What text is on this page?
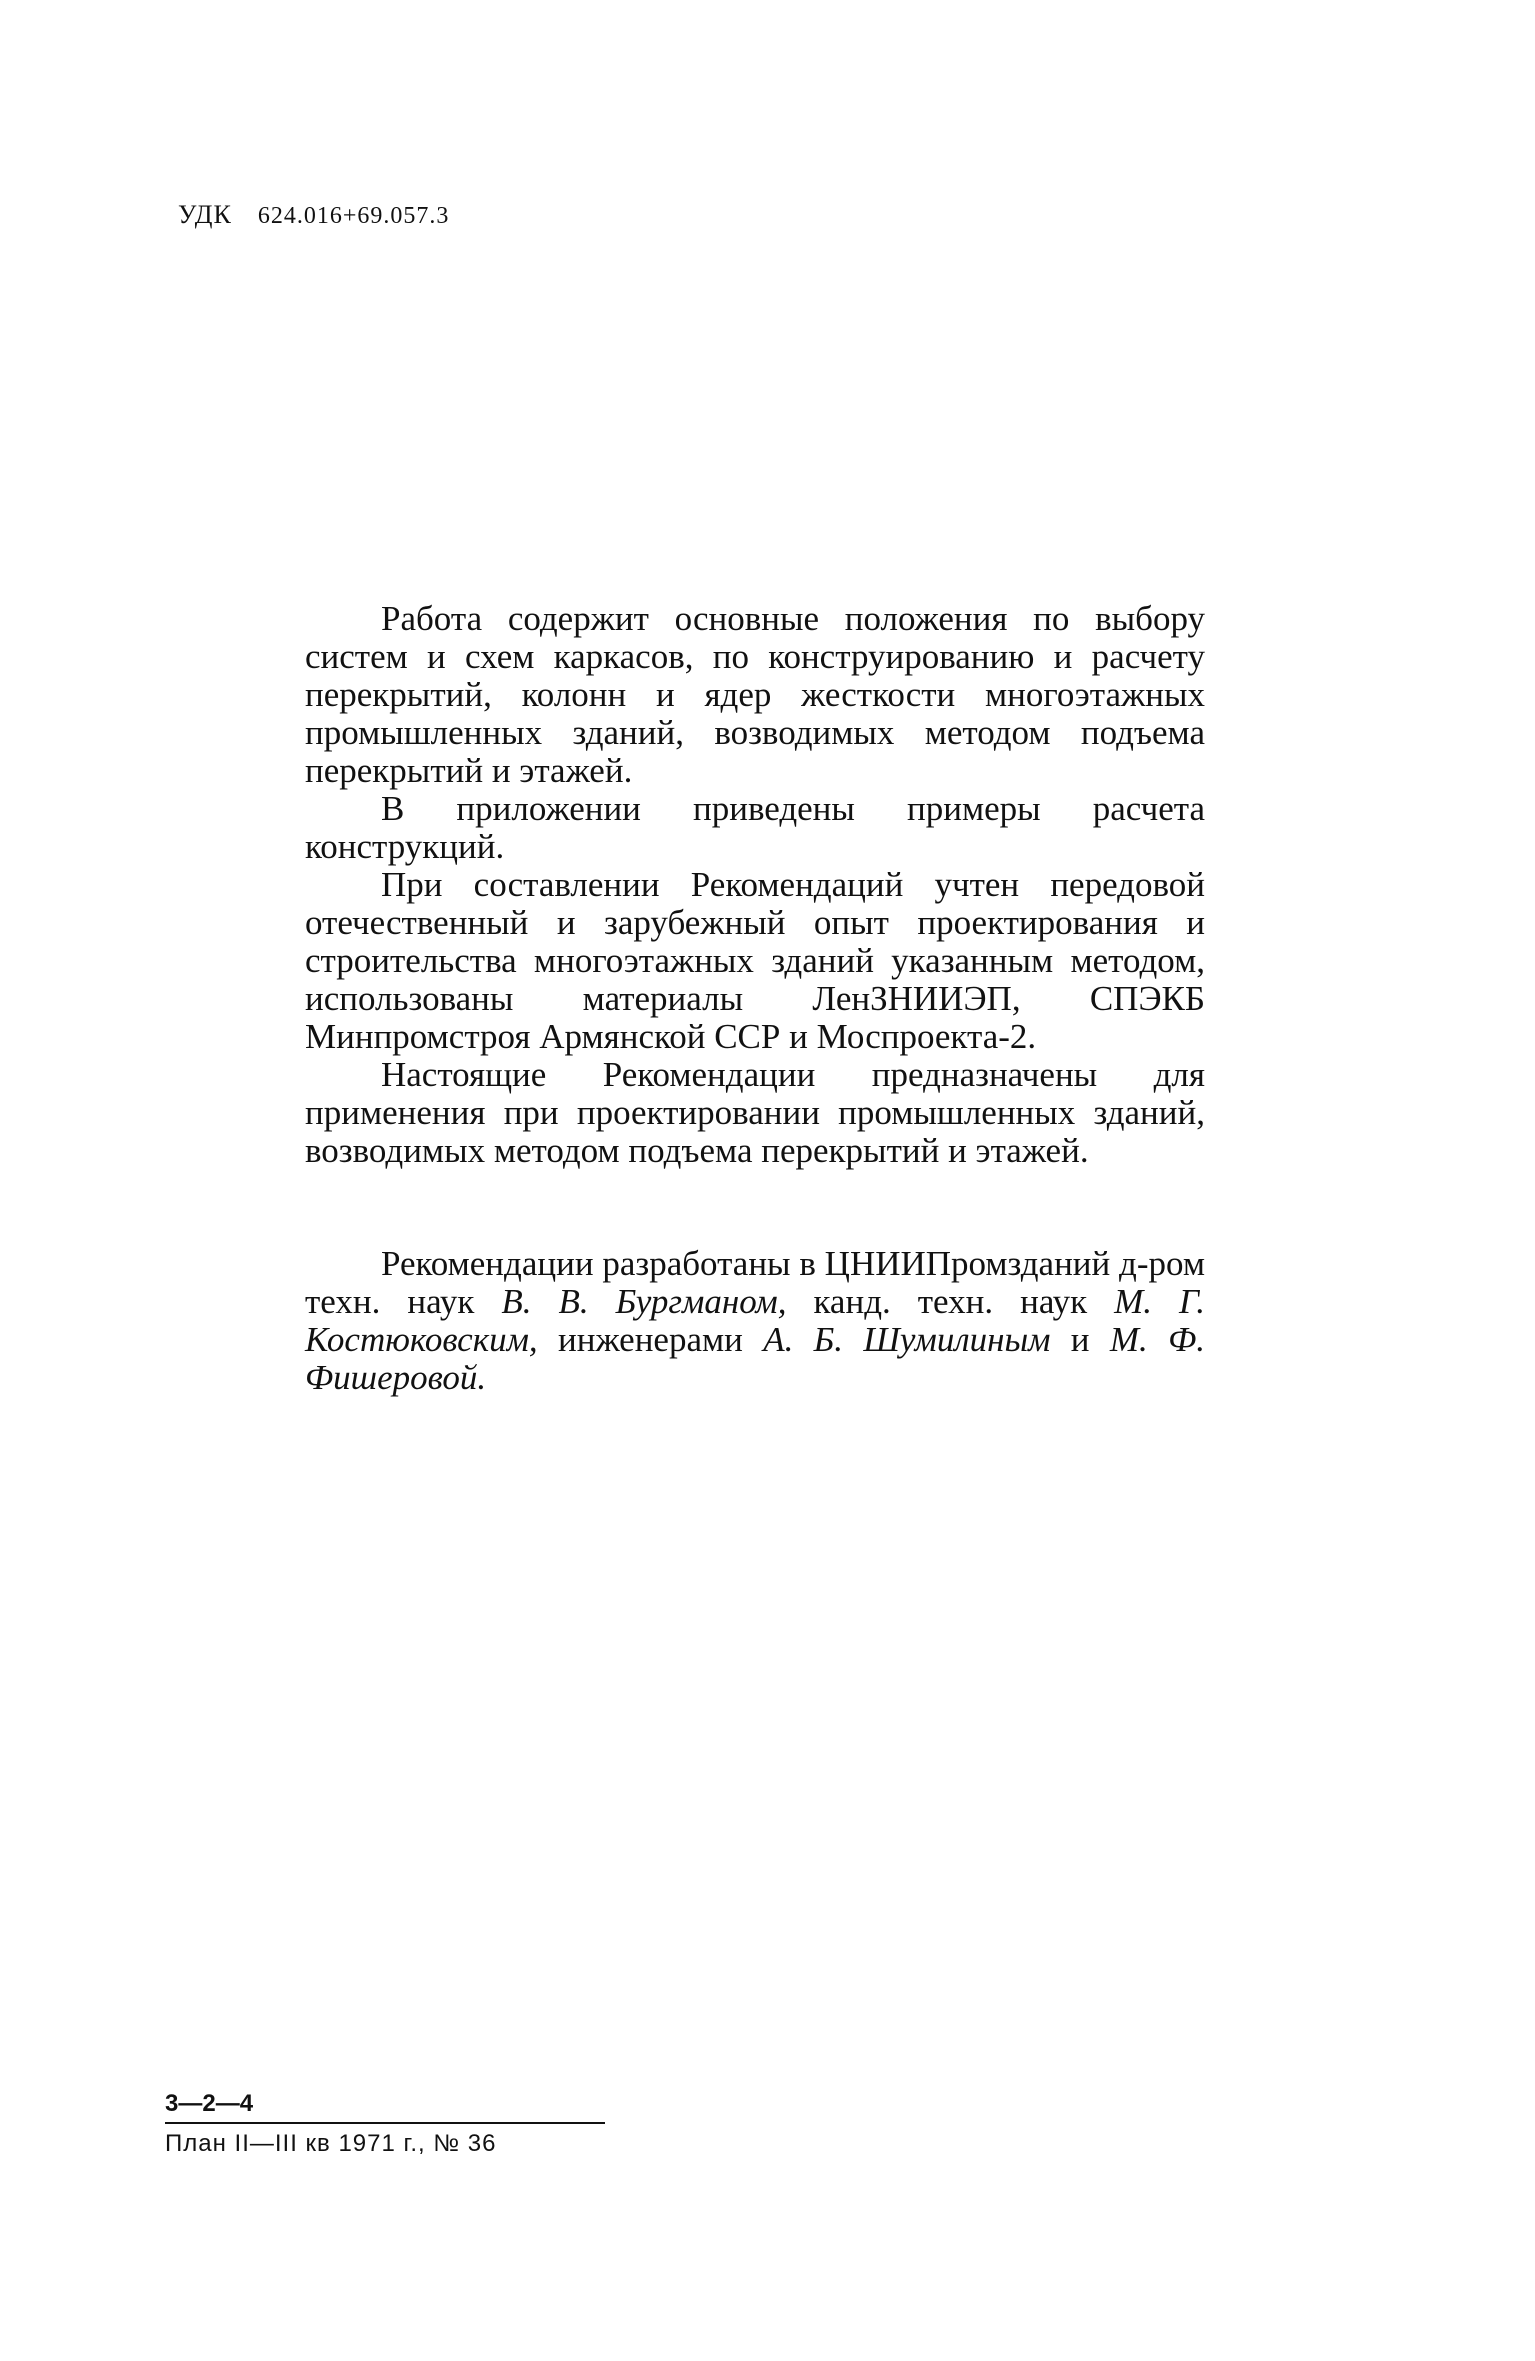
УДК 624.016+69.057.3

Работа содержит основные положения по выбору систем и схем каркасов, по конструированию и расчету перекрытий, колонн и ядер жесткости многоэтажных промышленных зданий, возводимых методом подъема перекрытий и этажей.

В приложении приведены примеры расчета конструкций.

При составлении Рекомендаций учтен передовой отечественный и зарубежный опыт проектирования и строительства многоэтажных зданий указанным методом, использованы материалы ЛенЗНИИЭП, СПЭКБ Минпромстроя Армянской ССР и Моспроекта-2.

Настоящие Рекомендации предназначены для применения при проектировании промышленных зданий, возводимых методом подъема перекрытий и этажей.

Рекомендации разработаны в ЦНИИПромзданий д-ром техн. наук В. В. Бургманом, канд. техн. наук М. Г. Костюковским, инженерами А. Б. Шумилиным и М. Ф. Фишеровой.

3—2—4
План II—III кв 1971 г., № 36
